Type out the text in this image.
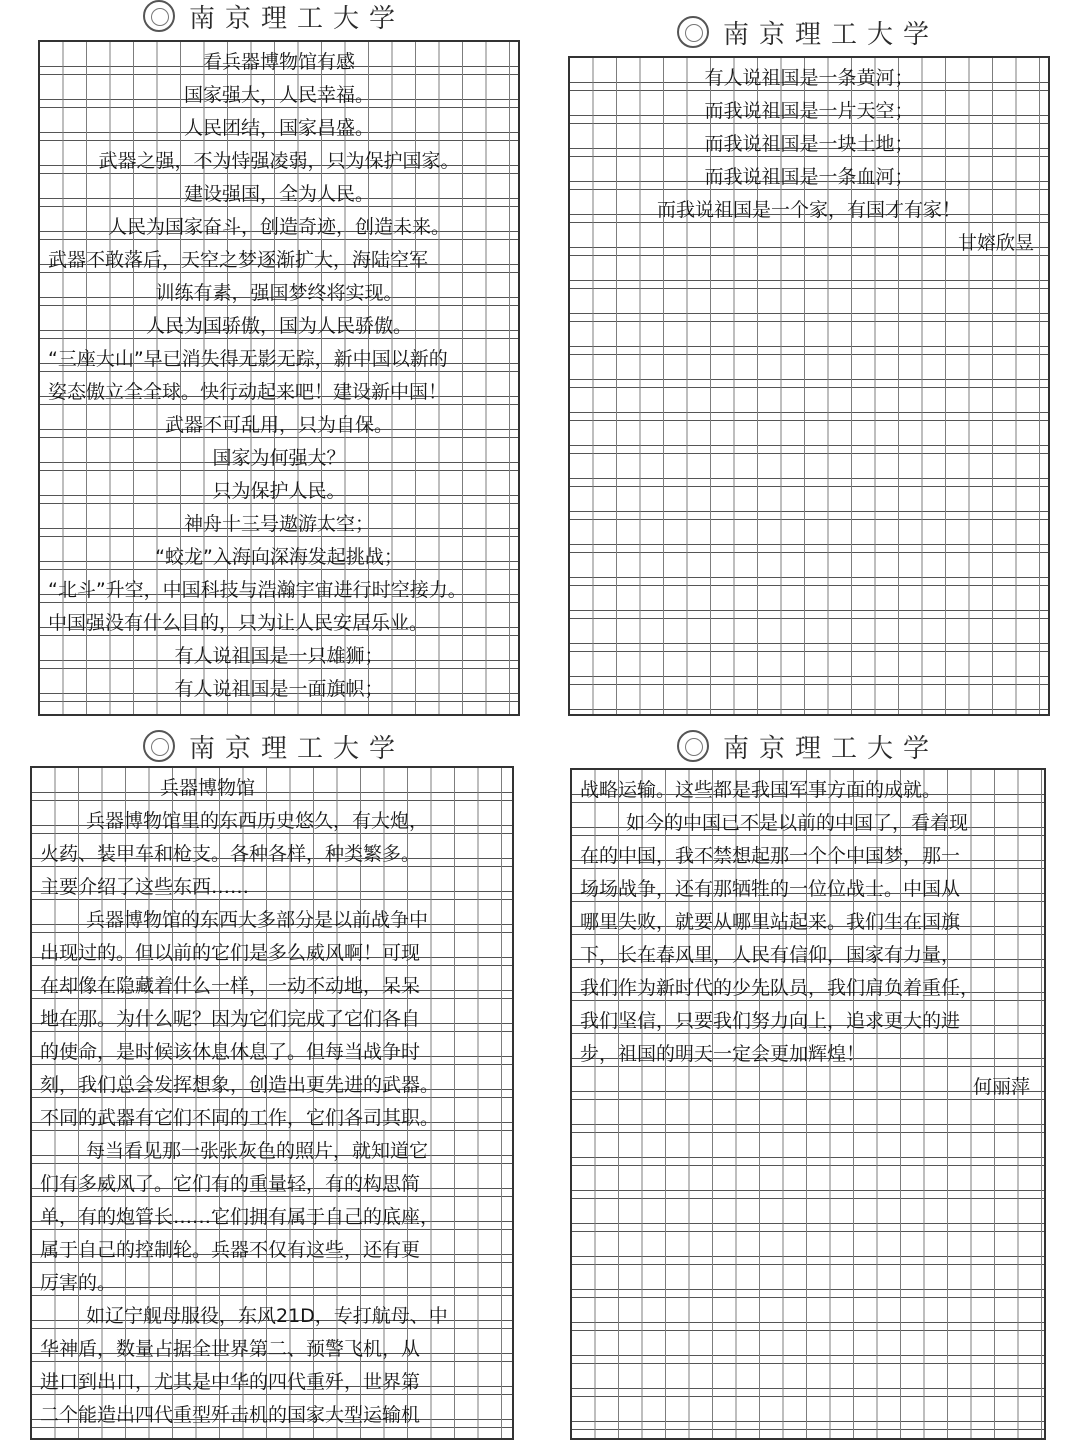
南京理工大学
看兵器博物馆有感
国家强大，人民幸福。
人民团结，国家昌盛。
武器之强，不为恃强凌弱，只为保护国家。
建设强国，全为人民。
人民为国家奋斗，创造奇迹，创造未来。
武器不敢落后，天空之梦逐渐扩大，海陆空军
训练有素，强国梦终将实现。
人民为国骄傲，国为人民骄傲。
“三座大山”早已消失得无影无踪，新中国以新的
姿态傲立全全球。快行动起来吧！建设新中国！
武器不可乱用，只为自保。
国家为何强大？
只为保护人民。
神舟十三号遨游太空；
“蛟龙”入海向深海发起挑战；
“北斗”升空，中国科技与浩瀚宇宙进行时空接力。
中国强没有什么目的，只为让人民安居乐业。
有人说祖国是一只雄狮；
有人说祖国是一面旗帜；
南京理工大学
有人说祖国是一条黄河；
而我说祖国是一片天空；
而我说祖国是一块土地；
而我说祖国是一条血河；
而我说祖国是一个家，有国才有家！
甘嫆欣昱
南京理工大学
兵器博物馆
兵器博物馆里的东西历史悠久，有大炮，
火药、装甲车和枪支。各种各样，种类繁多。
主要介绍了这些东西……
兵器博物馆的东西大多部分是以前战争中
出现过的。但以前的它们是多么威风啊！可现
在却像在隐藏着什么一样，一动不动地，呆呆
地在那。为什么呢？因为它们完成了它们各自
的使命，是时候该休息休息了。但每当战争时
刻，我们总会发挥想象，创造出更先进的武器。
不同的武器有它们不同的工作，它们各司其职。
每当看见那一张张灰色的照片，就知道它
们有多威风了。它们有的重量轻，有的构思简
单，有的炮管长……它们拥有属于自己的底座，
属于自己的控制轮。兵器不仅有这些，还有更
厉害的。
如辽宁舰母服役，东风21D，专打航母、中
华神盾，数量占据全世界第二、预警飞机，从
进口到出口，尤其是中华的四代重歼，世界第
二个能造出四代重型歼击机的国家大型运输机
南京理工大学
战略运输。这些都是我国军事方面的成就。
如今的中国已不是以前的中国了，看着现
在的中国，我不禁想起那一个个中国梦，那一
场场战争，还有那牺牲的一位位战士。中国从
哪里失败，就要从哪里站起来。我们生在国旗
下，长在春风里，人民有信仰，国家有力量，
我们作为新时代的少先队员，我们肩负着重任，
我们坚信，只要我们努力向上，追求更大的进
步，祖国的明天一定会更加辉煌！
何丽萍
